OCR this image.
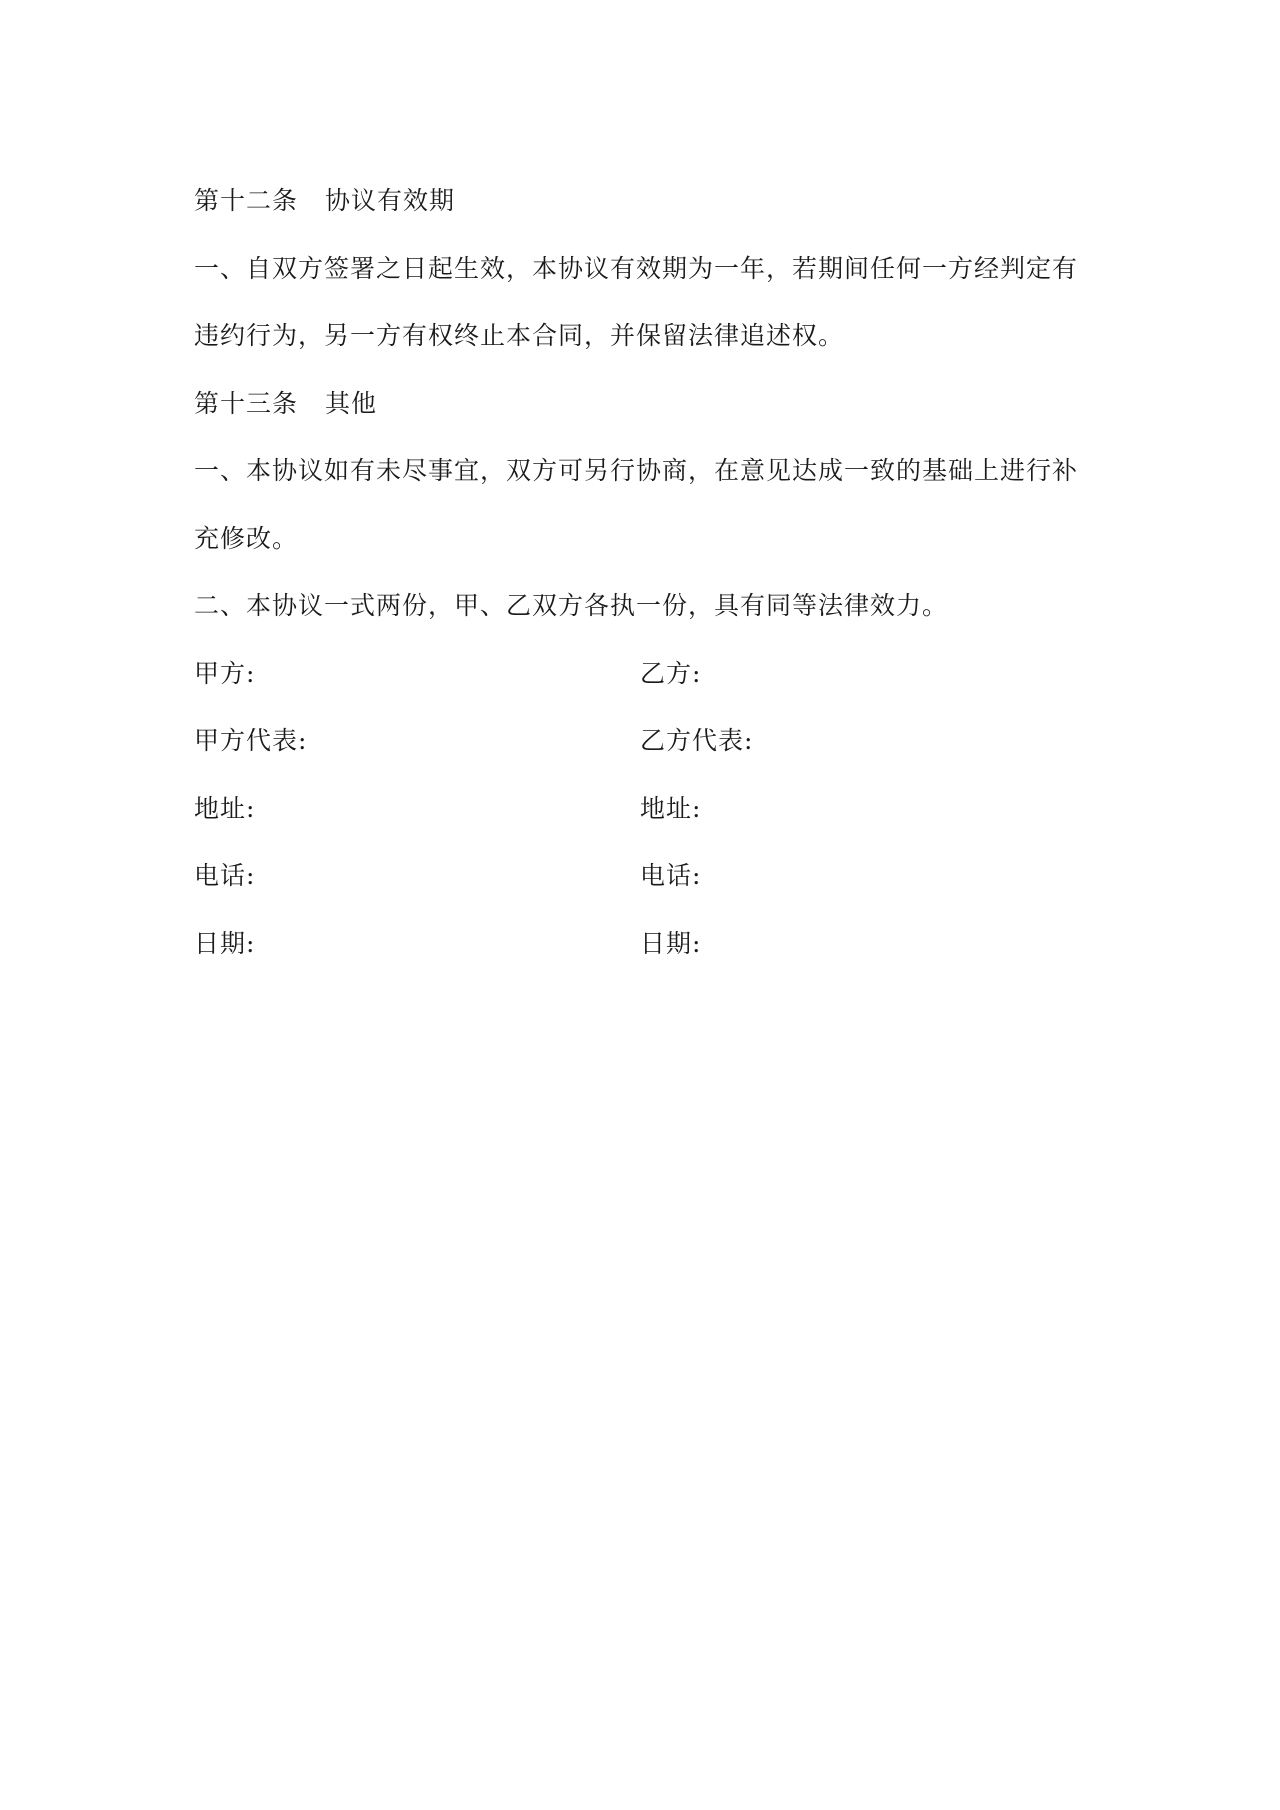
第十二条 协议有效期
一、自双方签署之日起生效，本协议有效期为一年，若期间任何一方经判定有
违约行为，另一方有权终止本合同，并保留法律追述权。
第十三条 其他
一、本协议如有未尽事宜，双方可另行协商，在意见达成一致的基础上进行补
充修改。
二、本协议一式两份，甲、乙双方各执一份，具有同等法律效力。
甲方:	乙方:
甲方代表:	乙方代表:
地址:	地址:
电话:	电话:
日期:	日期:
